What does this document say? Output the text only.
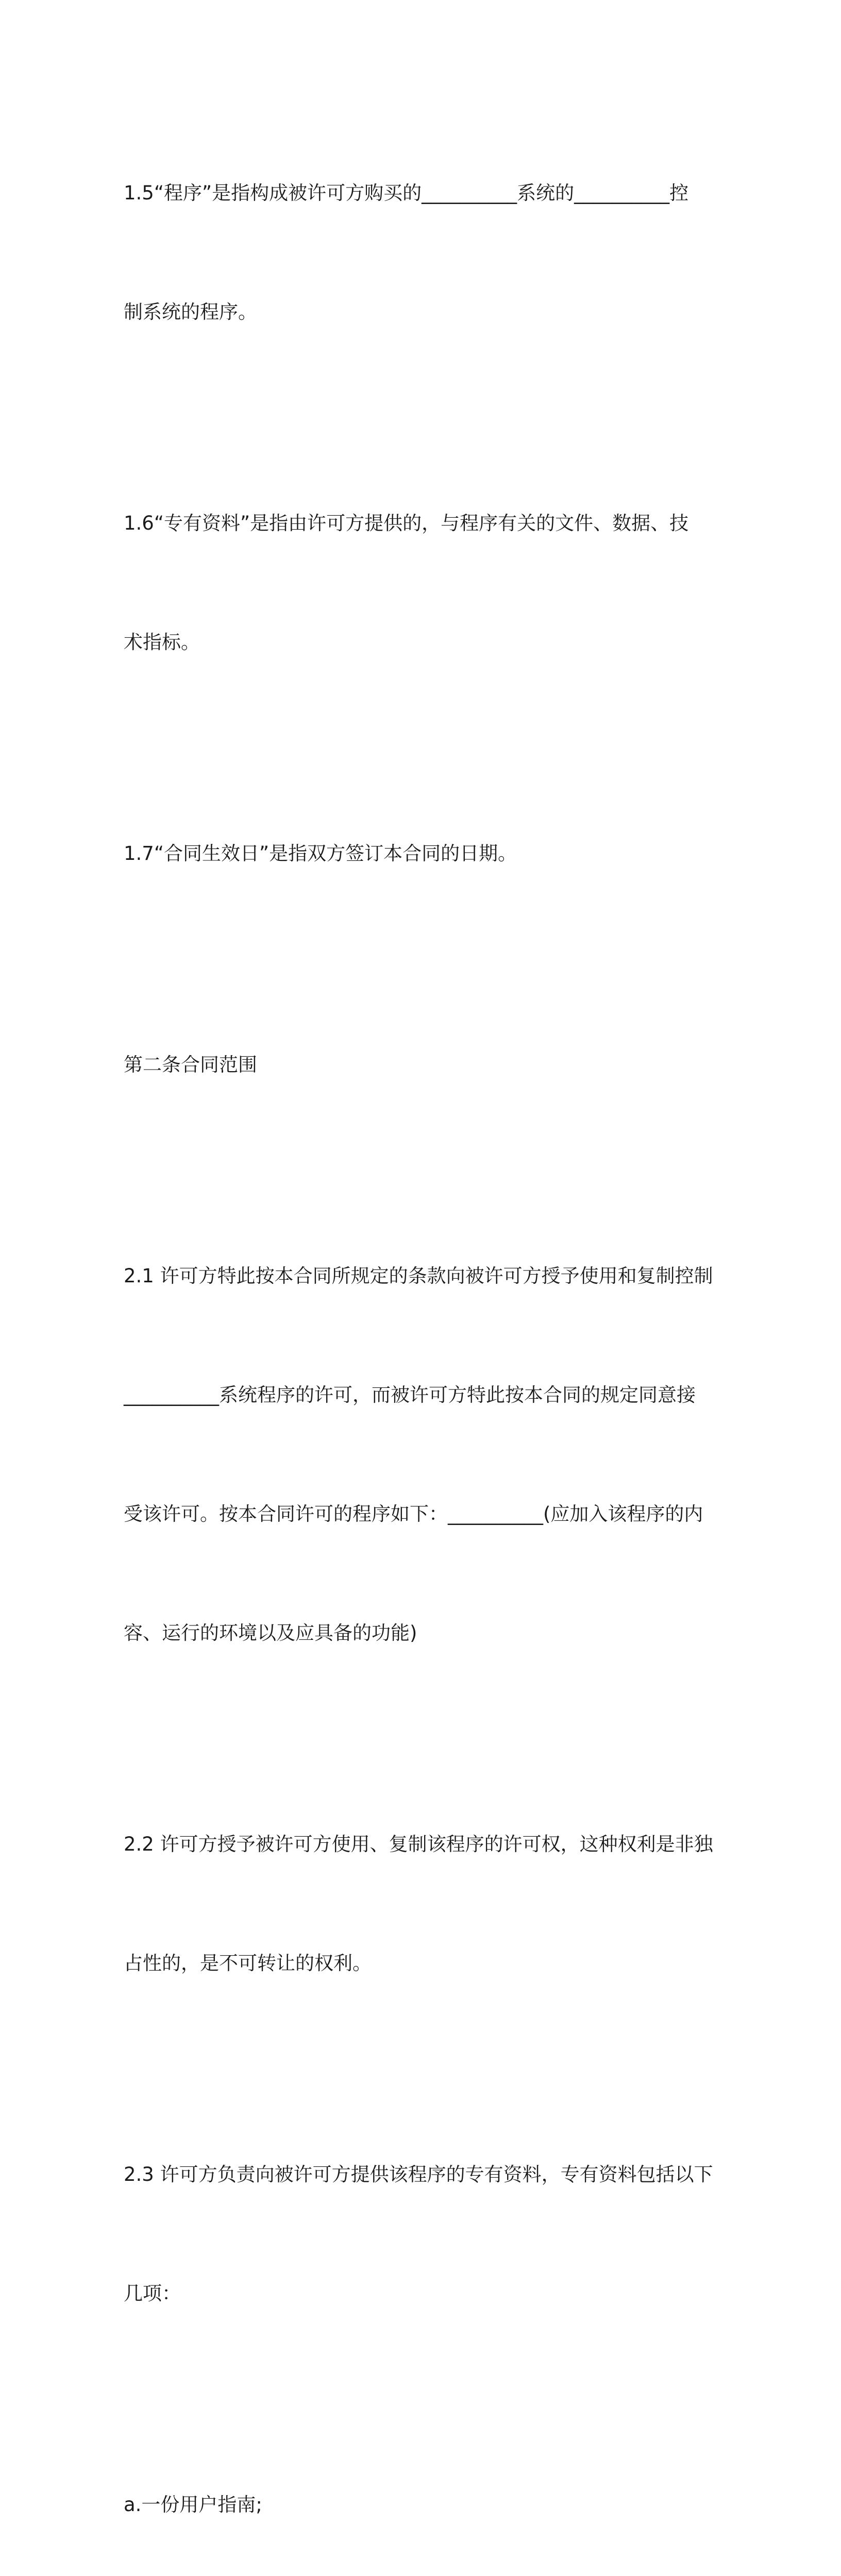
1.5“程序”是指构成被许可方购买的__________系统的__________控

制系统的程序。

1.6“专有资料”是指由许可方提供的，与程序有关的文件、数据、技

术指标。

1.7“合同生效日”是指双方签订本合同的日期。

第二条合同范围

2.1 许可方特此按本合同所规定的条款向被许可方授予使用和复制控制

__________系统程序的许可，而被许可方特此按本合同的规定同意接

受该许可。按本合同许可的程序如下：__________(应加入该程序的内

容、运行的环境以及应具备的功能)

2.2 许可方授予被许可方使用、复制该程序的许可权，这种权利是非独

占性的，是不可转让的权利。

2.3 许可方负责向被许可方提供该程序的专有资料，专有资料包括以下

几项：

a.一份用户指南;
